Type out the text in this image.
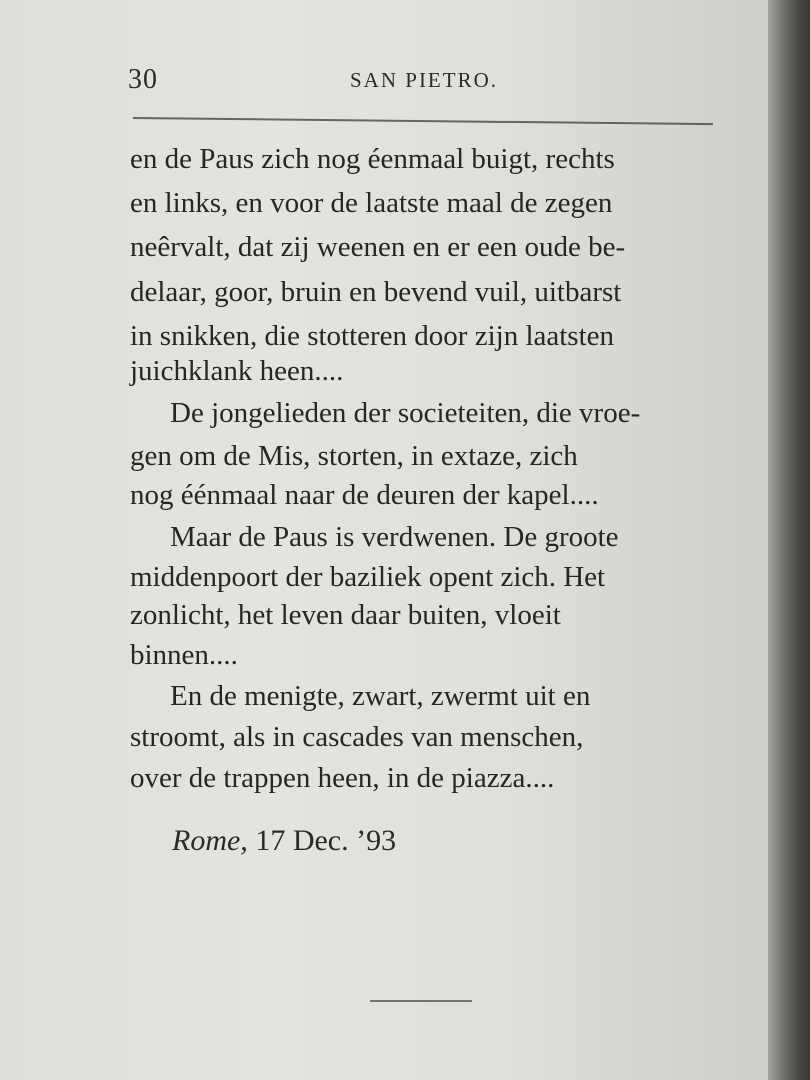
30	SAN PIETRO.
en de Paus zich nog éenmaal buigt, rechts
en links, en voor de laatste maal de zegen
neêrvalt, dat zij weenen en er een oude be-
delaar, goor, bruin en bevend vuil, uitbarst
in snikken, die stotteren door zijn laatsten
juichklank heen....
De jongelieden der societeiten, die vroe-
gen om de Mis, storten, in extaze, zich
nog éénmaal naar de deuren der kapel....
Maar de Paus is verdwenen. De groote
middenpoort der baziliek opent zich. Het
zonlicht, het leven daar buiten, vloeit
binnen....
En de menigte, zwart, zwermt uit en
stroomt, als in cascades van menschen,
over de trappen heen, in de piazza....
Rome, 17 Dec. ’93
